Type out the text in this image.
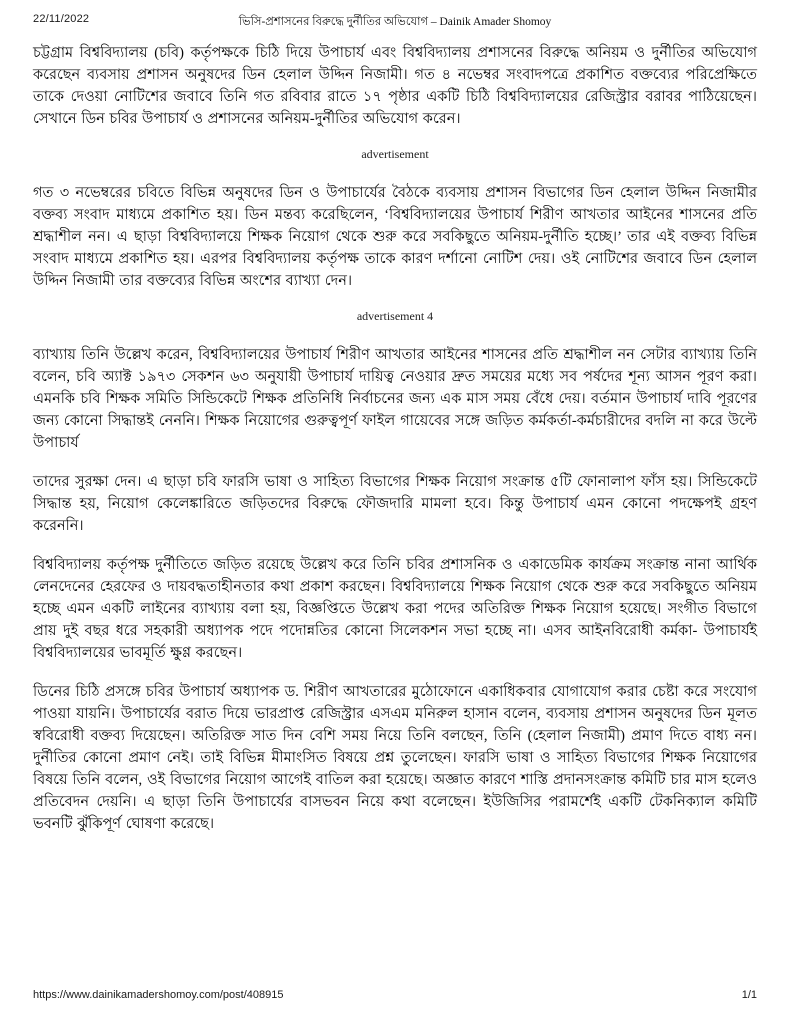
22/11/2022	ভিসি-প্রশাসনের বিরুদ্ধে দুর্নীতির অভিযোগ – Dainik Amader Shomoy

চট্টগ্রাম বিশ্ববিদ্যালয় (চবি) কর্তৃপক্ষকে চিঠি দিয়ে উপাচার্য এবং বিশ্ববিদ্যালয় প্রশাসনের বিরুদ্ধে অনিয়ম ও দুর্নীতির অভিযোগ করেছেন ব্যবসায় প্রশাসন অনুষদের ডিন হেলাল উদ্দিন নিজামী। গত ৪ নভেম্বর সংবাদপত্রে প্রকাশিত বক্তব্যের পরিপ্রেক্ষিতে তাকে দেওয়া নোটিশের জবাবে তিনি গত রবিবার রাতে ১৭ পৃষ্ঠার একটি চিঠি বিশ্ববিদ্যালয়ের রেজিস্ট্রার বরাবর পাঠিয়েছেন। সেখানে ডিন চবির উপাচার্য ও প্রশাসনের অনিয়ম-দুর্নীতির অভিযোগ করেন।

advertisement

গত ৩ নভেম্বরের চবিতে বিভিন্ন অনুষদের ডিন ও উপাচার্যের বৈঠকে ব্যবসায় প্রশাসন বিভাগের ডিন হেলাল উদ্দিন নিজামীর বক্তব্য সংবাদ মাধ্যমে প্রকাশিত হয়। ডিন মন্তব্য করেছিলেন, ‘বিশ্ববিদ্যালয়ের উপাচার্য শিরীণ আখতার আইনের শাসনের প্রতি শ্রদ্ধাশীল নন। এ ছাড়া বিশ্ববিদ্যালয়ে শিক্ষক নিয়োগ থেকে শুরু করে সবকিছুতে অনিয়ম-দুর্নীতি হচ্ছে।’ তার এই বক্তব্য বিভিন্ন সংবাদ মাধ্যমে প্রকাশিত হয়। এরপর বিশ্ববিদ্যালয় কর্তৃপক্ষ তাকে কারণ দর্শানো নোটিশ দেয়। ওই নোটিশের জবাবে ডিন হেলাল উদ্দিন নিজামী তার বক্তব্যের বিভিন্ন অংশের ব্যাখ্যা দেন।

advertisement 4

ব্যাখ্যায় তিনি উল্লেখ করেন, বিশ্ববিদ্যালয়ের উপাচার্য শিরীণ আখতার আইনের শাসনের প্রতি শ্রদ্ধাশীল নন সেটার ব্যাখ্যায় তিনি বলেন, চবি অ্যাক্ট ১৯৭৩ সেকশন ৬৩ অনুযায়ী উপাচার্য দায়িত্ব নেওয়ার দ্রুত সময়ের মধ্যে সব পর্ষদের শূন্য আসন পূরণ করা। এমনকি চবি শিক্ষক সমিতি সিন্ডিকেটে শিক্ষক প্রতিনিধি নির্বাচনের জন্য এক মাস সময় বেঁধে দেয়। বর্তমান উপাচার্য দাবি পূরণের জন্য কোনো সিদ্ধান্তই নেননি। শিক্ষক নিয়োগের গুরুত্বপূর্ণ ফাইল গায়েবের সঙ্গে জড়িত কর্মকর্তা-কর্মচারীদের বদলি না করে উল্টে উপাচার্য

তাদের সুরক্ষা দেন। এ ছাড়া চবি ফারসি ভাষা ও সাহিত্য বিভাগের শিক্ষক নিয়োগ সংক্রান্ত ৫টি ফোনালাপ ফাঁস হয়। সিন্ডিকেটে সিদ্ধান্ত হয়, নিয়োগ কেলেঙ্কারিতে জড়িতদের বিরুদ্ধে ফৌজদারি মামলা হবে। কিন্তু উপাচার্য এমন কোনো পদক্ষেপই গ্রহণ করেননি।

বিশ্ববিদ্যালয় কর্তৃপক্ষ দুর্নীতিতে জড়িত রয়েছে উল্লেখ করে তিনি চবির প্রশাসনিক ও একাডেমিক কার্যক্রম সংক্রান্ত নানা আর্থিক লেনদেনের হেরফের ও দায়বদ্ধতাহীনতার কথা প্রকাশ করছেন। বিশ্ববিদ্যালয়ে শিক্ষক নিয়োগ থেকে শুরু করে সবকিছুতে অনিয়ম হচ্ছে এমন একটি লাইনের ব্যাখ্যায় বলা হয়, বিজ্ঞপ্তিতে উল্লেখ করা পদের অতিরিক্ত শিক্ষক নিয়োগ হয়েছে। সংগীত বিভাগে প্রায় দুই বছর ধরে সহকারী অধ্যাপক পদে পদোন্নতির কোনো সিলেকশন সভা হচ্ছে না। এসব আইনবিরোধী কর্মকা- উপাচার্যই বিশ্ববিদ্যালয়ের ভাবমূর্তি ক্ষুণ্ণ করছেন।

ডিনের চিঠি প্রসঙ্গে চবির উপাচার্য অধ্যাপক ড. শিরীণ আখতারের মুঠোফোনে একাধিকবার যোগাযোগ করার চেষ্টা করে সংযোগ পাওয়া যায়নি। উপাচার্যের বরাত দিয়ে ভারপ্রাপ্ত রেজিস্ট্রার এসএম মনিরুল হাসান বলেন, ব্যবসায় প্রশাসন অনুষদের ডিন মূলত স্ববিরোধী বক্তব্য দিয়েছেন। অতিরিক্ত সাত দিন বেশি সময় নিয়ে তিনি বলছেন, তিনি (হেলাল নিজামী) প্রমাণ দিতে বাধ্য নন। দুর্নীতির কোনো প্রমাণ নেই। তাই বিভিন্ন মীমাংসিত বিষয়ে প্রশ্ন তুলেছেন। ফারসি ভাষা ও সাহিত্য বিভাগের শিক্ষক নিয়োগের বিষয়ে তিনি বলেন, ওই বিভাগের নিয়োগ আগেই বাতিল করা হয়েছে। অজ্ঞাত কারণে শাস্তি প্রদানসংক্রান্ত কমিটি চার মাস হলেও প্রতিবেদন দেয়নি। এ ছাড়া তিনি উপাচার্যের বাসভবন নিয়ে কথা বলেছেন। ইউজিসির পরামর্শেই একটি টেকনিক্যাল কমিটি ভবনটি ঝুঁকিপূর্ণ ঘোষণা করেছে।

https://www.dainikamadershomoy.com/post/408915	1/1
